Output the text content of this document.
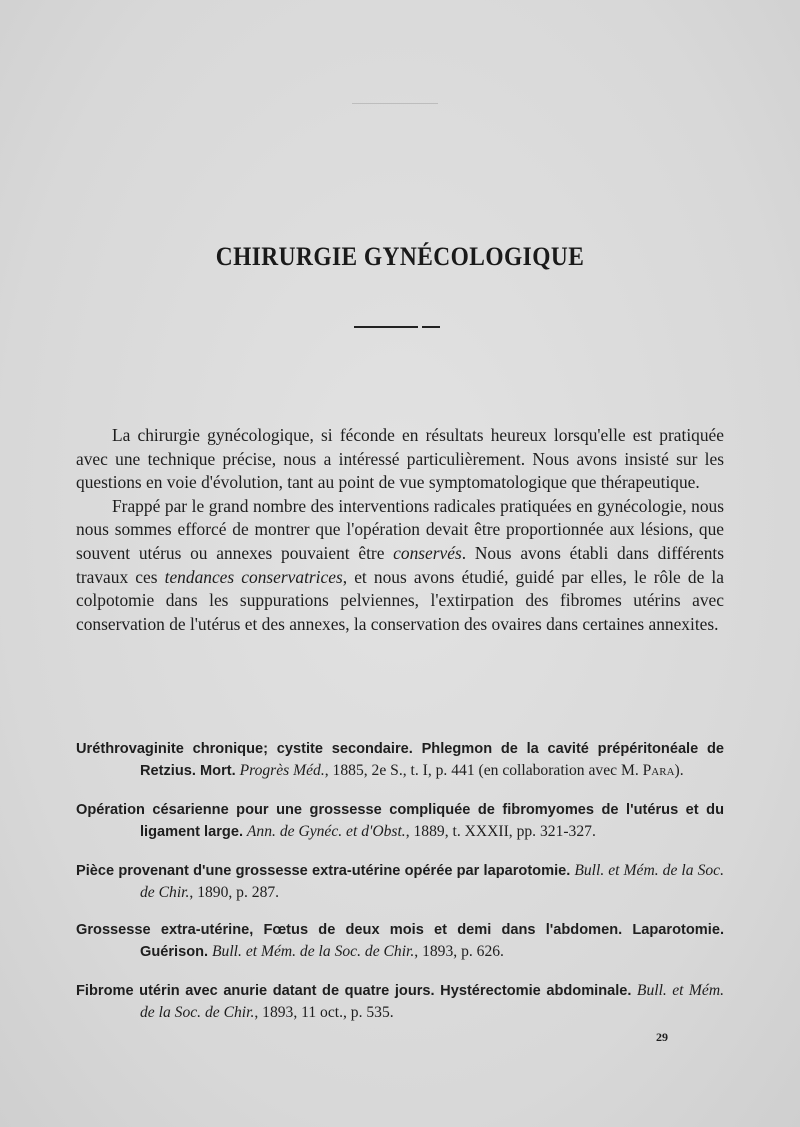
CHIRURGIE GYNÉCOLOGIQUE

La chirurgie gynécologique, si féconde en résultats heureux lorsqu'elle est pratiquée avec une technique précise, nous a intéressé particulièrement. Nous avons insisté sur les questions en voie d'évolution, tant au point de vue symptomatologique que thérapeutique.

Frappé par le grand nombre des interventions radicales pratiquées en gynécologie, nous nous sommes efforcé de montrer que l'opération devait être proportionnée aux lésions, que souvent utérus ou annexes pouvaient être conservés. Nous avons établi dans différents travaux ces tendances conservatrices, et nous avons étudié, guidé par elles, le rôle de la colpotomie dans les suppurations pelviennes, l'extirpation des fibromes utérins avec conservation de l'utérus et des annexes, la conservation des ovaires dans certaines annexites.

Uréthrovaginite chronique; cystite secondaire. Phlegmon de la cavité prépéritonéale de Retzius. Mort. Progrès Méd., 1885, 2e S., t. I, p. 441 (en collaboration avec M. Para).

Opération césarienne pour une grossesse compliquée de fibromyomes de l'utérus et du ligament large. Ann. de Gynéc. et d'Obst., 1889, t. XXXII, pp. 321-327.

Pièce provenant d'une grossesse extra-utérine opérée par laparotomie. Bull. et Mém. de la Soc. de Chir., 1890, p. 287.

Grossesse extra-utérine, Fœtus de deux mois et demi dans l'abdomen. Laparotomie. Guérison. Bull. et Mém. de la Soc. de Chir., 1893, p. 626.

Fibrome utérin avec anurie datant de quatre jours. Hystérectomie abdominale. Bull. et Mém. de la Soc. de Chir., 1893, 11 oct., p. 535.

29
